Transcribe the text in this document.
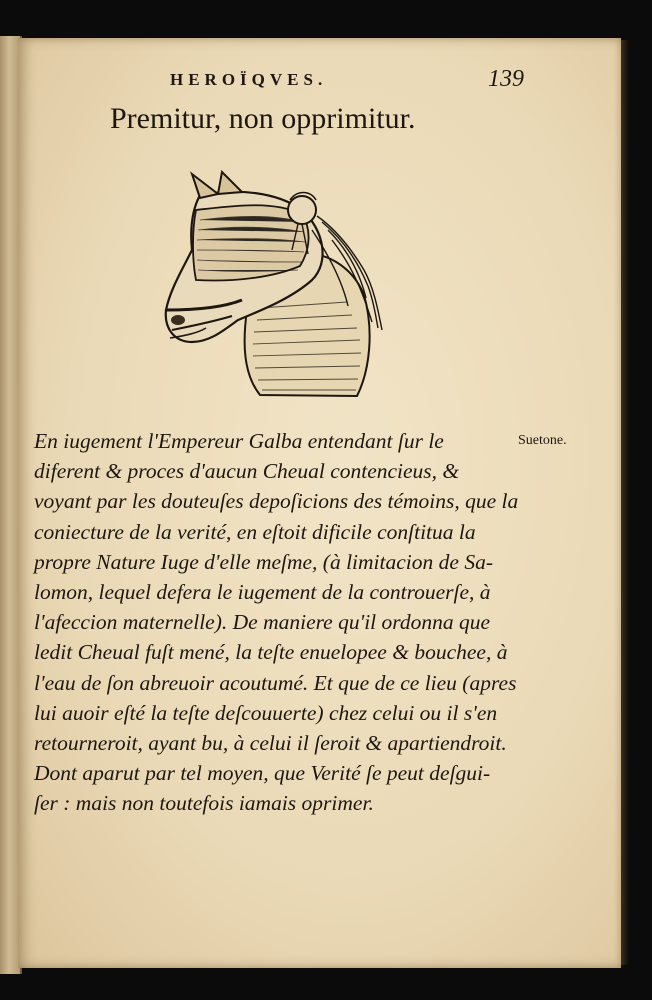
HEROÏQVES.	139
Premitur, non opprimitur.
En iugement l'Empereur Galba entendant ſur le
diferent & proces d'aucun Cheual contencieus, &
voyant par les douteuſes depoſicions des témoins, que la
coniecture de la verité, en eſtoit dificile conſtitua la
propre Nature Iuge d'elle meſme, (à limitacion de Sa-
lomon, lequel defera le iugement de la controuerſe, à
l'afeccion maternelle). De maniere qu'il ordonna que
ledit Cheual fuſt mené, la teſte enuelopee & bouchee, à
l'eau de ſon abreuoir acoutumé. Et que de ce lieu (apres
lui auoir eſté la teſte deſcouuerte) chez celui ou il s'en
retourneroit, ayant bu, à celui il ſeroit & apartiendroit.
Dont aparut par tel moyen, que Verité ſe peut deſgui-
ſer : mais non toutefois iamais oprimer.
Suetone.
